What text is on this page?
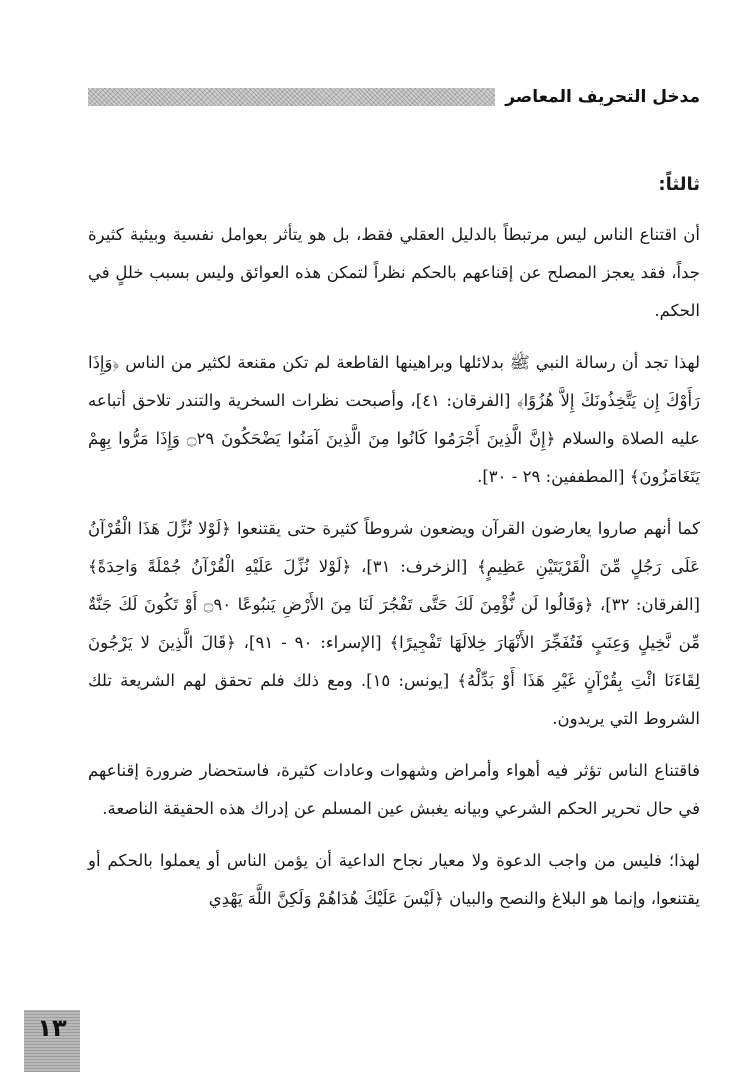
مدخل التحريف المعاصر
ثالثاً:

أن اقتناع الناس ليس مرتبطاً بالدليل العقلي فقط، بل هو يتأثر بعوامل نفسية وبيئية كثيرة جداً، فقد يعجز المصلح عن إقناعهم بالحكم نظراً لتمكن هذه العوائق وليس بسبب خللٍ في الحكم.

لهذا تجد أن رسالة النبي ﷺ بدلائلها وبراهينها القاطعة لم تكن مقنعة لكثير من الناس ﴿وَإِذَا رَأَوْكَ إِن يَتَّخِذُونَكَ إِلاَّ هُزُوًا﴾ [الفرقان: ٤١]، وأصبحت نظرات السخرية والتندر تلاحق أتباعه عليه الصلاة والسلام ﴿إِنَّ الَّذِينَ أَجْرَمُوا كَانُوا مِنَ الَّذِينَ آمَنُوا يَضْحَكُونَ ۝٢٩ وَإِذَا مَرُّوا بِهِمْ يَتَغَامَزُونَ﴾ [المطففين: ٢٩ - ٣٠].

كما أنهم صاروا يعارضون القرآن ويضعون شروطاً كثيرة حتى يقتنعوا ﴿لَوْلا نُزِّلَ هَذَا الْقُرْآنُ عَلَى رَجُلٍ مِّنَ الْقَرْيَتَيْنِ عَظِيمٍ﴾ [الزخرف: ٣١]، ﴿لَوْلا نُزِّلَ عَلَيْهِ الْقُرْآنُ جُمْلَةً وَاحِدَةً﴾ [الفرقان: ٣٢]، ﴿وَقَالُوا لَن نُّؤْمِنَ لَكَ حَتَّى تَفْجُرَ لَنَا مِنَ الأَرْضِ يَنبُوعًا ۝٩٠ أَوْ تَكُونَ لَكَ جَنَّةٌ مِّن نَّخِيلٍ وَعِنَبٍ فَتُفَجِّرَ الأَنْهَارَ خِلالَهَا تَفْجِيرًا﴾ [الإسراء: ٩٠ - ٩١]، ﴿قَالَ الَّذِينَ لا يَرْجُونَ لِقَاءَنَا ائْتِ بِقُرْآنٍ غَيْرِ هَذَا أَوْ بَدِّلْهُ﴾ [يونس: ١٥]. ومع ذلك فلم تحقق لهم الشريعة تلك الشروط التي يريدون.

فاقتناع الناس تؤثر فيه أهواء وأمراض وشهوات وعادات كثيرة، فاستحضار ضرورة إقناعهم في حال تحرير الحكم الشرعي وبيانه يغبش عين المسلم عن إدراك هذه الحقيقة الناصعة.

لهذا؛ فليس من واجب الدعوة ولا معيار نجاح الداعية أن يؤمن الناس أو يعملوا بالحكم أو يقتنعوا، وإنما هو البلاغ والنصح والبيان ﴿لَيْسَ عَلَيْكَ هُدَاهُمْ وَلَكِنَّ اللَّهَ يَهْدِي

١٣
